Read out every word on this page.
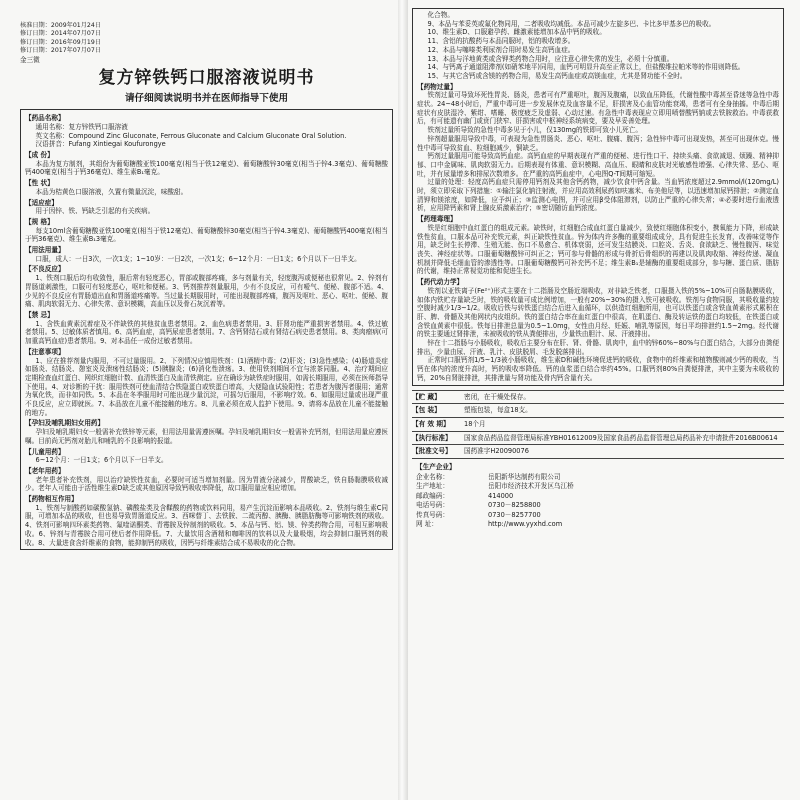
核准日期：2009年01月24日
修订日期：2014年07月07日
修订日期：2016年09月19日
修订日期：2017年07月07日
金三微
复方锌铁钙口服溶液说明书
请仔细阅读说明书并在医师指导下使用
【药品名称】
通用名称：复方锌铁钙口服溶液
英文名称：Compound Zinc Gluconate, Ferrous Gluconate and Calcium Gluconate Oral Solution.
汉语拼音：Fufang Xintiegai Koufurongye
【成 份】
本品为复方制剂，其组份为葡萄糖酸亚铁100毫克(相当于铁12毫克)、葡萄糖酸锌30毫克(相当于锌4.3毫克)、葡萄糖酸钙400毫克(相当于钙36毫克)、维生素B₁毫克。
【性 状】
本品为桔黄色口服溶液，久置有微量沉淀，味酸甜。
【适应症】
用于因锌、铁、钙缺乏引起的有关疾病。
【规 格】
每支10ml含葡萄糖酸亚铁100毫克(相当于铁12毫克)、葡萄糖酸锌30毫克(相当于锌4.3毫克)、葡萄糖酸钙400毫克(相当于钙36毫克)、维生素B₁3毫克。
【用法用量】
口服，成人：一日3次，一次1支；1~10岁：一日2次，一次1支；6~12个月：一日1支；6个月以下一日半支。
【不良反应】
1、铁剂口服后均有收敛性，服后常有轻度恶心，胃部或腹部疼痛，多与剂量有关，轻度腹泻或便秘也很常见。2、锌剂有胃肠道刺激性，口服可有轻度恶心，呕吐和便秘。3、钙剂推荐剂量服用，少有不良反应，可有嗳气、便秘、腹部不适。4、少见的不良反应有胃肠道出血和胃肠道疼痛等。当过量长期服用时，可能出现腹部疼痛，腹泻及呕吐、恶心、呕吐、便秘、腹痛、肌肉软弱无力、心律失常、意识模糊，高血压以及骨石灰沉着等。
【禁 忌】
1、含铁血黄素沉着症及不伴缺铁的其他贫血患者禁用。2、血色病患者禁用。3、肝肾功能严重损害者禁用。4、铁过敏者禁用。5、过敏体质者慎用。6、高钙血症，高钙尿症患者禁用。7、含钙肾结石或有肾结石病史患者禁用。8、类肉瘤病(可加重高钙血症)患者禁用。9、对本品任一成份过敏者禁用。
【注意事项】
1、应在推荐剂量内服用，不可过量服用。2、下列情况应慎用铁剂：(1)酒精中毒；(2)肝炎；(3)急性感染；(4)肠道炎症如肠炎、结肠炎、憩室炎及溃疡性结肠炎；(5)胰腺炎；(6)消化性溃疡。3、使用铁剂期间不宜与浓茶同服。4、治疗期间应定期检查血红蛋白、网织红细胞计数、血清铁蛋白及血清铁测定。应在确诊为缺铁症时服用，如需长期服用，必须在医师指导下使用。4、对诊断的干扰：服用铁剂可使血清结合铁隐蛋白或铁蛋白增高，大便隐血试验阳性；若患者为腹泻者服用；通常为氧化铁，而非如同铁。5、本品在冬季服用时可能出现少量沉淀，可摇匀后服用，不影响疗效。6、如服用过量或出现严重不良反应，应立即就医。7、本品放在儿童不能接触的地方。8、儿童必须在成人监护下使用。9、请将本品放在儿童不能接触的地方。
【孕妇及哺乳期妇女用药】
孕妇及哺乳期妇女一般需补充铁锌等元素，但用法用量需遵医嘱。孕妇及哺乳期妇女一般需补充钙剂，但用法用量应遵医嘱。目前尚无钙剂对胎儿和哺乳的不良影响的报道。
【儿童用药】
6~12个月：一日1支；6个月以下一日半支。
【老年用药】
老年患者补充铁剂，用以治疗缺铁性贫血，必要时可适当增加剂量。因为胃液分泌减少，胃酸缺乏，铁自肠黏膜吸收减少。老年人可能由于活性维生素D缺乏或其他原因导致钙吸收率降低，故口服用量应相应增加。
【药物相互作用】
1、铁剂与制酸药如碳酸氢钠、磷酸盐类及含鞣酸的药物或饮料同用，易产生沉淀而影响本品吸收。2、铁剂与维生素C同服，可增加本品的吸收，但也易导致胃肠道反应。3、西咪替丁、去铁胺、二巯丙醇、胰酶、胰脂肪酶等可影响铁剂的吸收。4、铁剂可影响四环素类药物、氟喹诺酮类、青霉胺及锌制剂的吸收。5、本品与钙、铝、镁、锌类药物合用，可相互影响吸收。6、锌剂与青霉胺合用可使后者作用降低。7、大量饮用含酒精和咖啡因的饮料以及大量吸烟，均会抑制口服钙剂的吸收。8、大量进食含纤维素的食物，能抑制钙的吸收，因钙与纤维素结合成不易吸收的化合物。
化合物。
9、本品与苯妥英或氟化物同用，二者吸收均减低。本品可减少左旋多巴、卡比多甲基多巴的吸收。
10、维生素D、口服避孕药、雌激素能增加本品中钙的吸收。
11、含铝的抗酸药与本品同服时，铝的吸收增多。
12、本品与噻嗪类利尿剂合用时易发生高钙血症。
13、本品与洋地黄类或含钾类药物合用时，应注意心律失常的发生，必须十分慎重。
14、与钙离子通道阻滞剂(如硝苯地平)同用，血钙可明显升高至正常以上，但盐酸维拉帕米等的作用则降低。
15、与其它含钙或含镁的药物合用，易发生高钙血症或高镁血症，尤其是肾功能不全时。
【药物过量】
铁剂过量可导致坏死性胃炎、肠炎，患者可有严重呕吐，腹泻及腹痛，以致血压降低，代谢性酸中毒甚至昏迷等急性中毒症状。24~48小时后，严重中毒可进一步发展休克及血容量不足，肝损害及心血管功能衰竭，患者可有全身抽搐。中毒后期症状有皮肤湿冷、紫绀、嗜睡、极度疲乏及虚弱、心动过速。有急性中毒表现应立即用喷替酸钙钠或去铁胺救治。中毒获救后，有可能遗有幽门或贲门狭窄、肝损害或中枢神经系统病变，要及早妥善处理。
铁剂过量所导致的急性中毒多见于小儿，仅130mg的铁即可致小儿死亡。
锌剂超量服用导致中毒，可表现为急性胃肠炎、恶心、呕吐、腹痛、腹泻；急性锌中毒可出现发热，甚至可出现休克。慢性中毒可导致贫血、粒细胞减少，铜缺乏。
钙剂过量服用可能导致高钙血症。高钙血症的早期表现有严重的便秘、进行性口干、持续头痛、食欲减退、烦躁、精神抑郁、口中金属味、肌肉软弱无力。后期表现有体重、意识模糊、高血压、眼睛和皮肤对光敏感性增强、心律失常、恶心、呕吐，并有尿量增多和排尿次数增多。在严重的高钙血症中，心电图Q-T间期可缩短。
过量的处理：轻度高钙血症只需停用钙剂及其他含钙药物，减少饮食中钙含量。当血钙浓度超过2.9mmol/l(120mg/L)时，须立即采取下列措施：①输注氯化钠注射液，并应用高效利尿药如呋塞米、布美他尼等，以迅速增加尿钙排泄；②测定血清钾和镁浓度，如降低，应予纠正；③监测心电图，并可应用β受体阻滞剂，以防止严重的心律失常；④必要时进行血液透析，应用降钙素和肾上腺皮质激素治疗；⑤密切随访血钙浓度。
【药理毒理】
铁是红细胞中血红蛋白的组成元素。缺铁时，红细胞合成血红蛋白量减少，致使红细胞体积变小，携氧能力下降，形成缺铁性贫血，口服本品可补充铁元素，纠正缺铁性贫血。锌为体内许多酶的重要组成成分，具有促进生长发育，改善味觉等作用，缺乏时生长停滞、生殖无能、伤口不易愈合、机体衰弱，还可发生结膜炎、口腔炎、舌炎、食欲缺乏、慢性腹泻、味觉丧失、神经症状等。口服葡萄糖酸锌可纠正之；钙可参与骨骼的形成与骨折后骨组织的再建以及肌肉收缩、神经传递、凝血机制并降低毛细血管的渗透性等。口服葡萄糖酸钙可补充钙不足；维生素B₁是辅酶的重要组成部分，参与糖、蛋白质、脂肪的代谢，维持正常视觉功能和促进生长。
【药代动力学】
铁剂以亚铁离子(Fe²⁺)形式主要在十二指肠及空肠近端吸收，对非缺乏铁者，口服摄入铁的5%~10%可自肠黏膜吸收，如体内铁贮存量缺乏时，铁的吸收量可成比例增加，一般有20%~30%的摄入铁可被吸收。铁剂与食物同服，其吸收量约较空腹时减少1/3~1/2。吸收后铁与转铁蛋白结合后进入血循环，以供造红细胞所用，也可以铁蛋白或含铁血黄素形式累积在肝、脾、骨髓及其他网状内皮组织。铁的蛋白结合率在血红蛋白中很高，在肌蛋白、酶及转运铁的蛋白均较低，在铁蛋白或含铁血黄素中很低。铁每日排泄总量为0.5~1.0mg，女性由月经、妊娠、哺乳等原因，每日平均排泄约1.5~2mg。经代谢的铁主要通过肾排泄，未被吸收的铁从粪便排出，少量铁由胆汁、尿、汗液排出。
锌在十二指肠与小肠吸收，吸收后主要分布在肝、肾、骨骼、肌肉中，血中的锌60%~80%与白蛋白结合，大部分由粪便排出，少量由尿、汗液、乳汁、皮肤脱屑、毛发脱落排出。
正常时口服钙剂1/5~1/3被小肠吸收，维生素D和碱性环境促进钙的吸收，食物中的纤维素和植物酸则减少钙的吸收，当钙在体内的浓度升高时，钙的吸收率降低。钙的血浆蛋白结合率约45%。口服钙剂80%自粪便排泄，其中主要为未吸收的钙，20%自肾脏排泄，其排泄量与肾功能及骨内钙含量有关。
【贮 藏】	密闭，在干燥处保存。
【包 装】	塑瓶包装，每盒18支。
【有 效 期】	18个月
【执行标准】	国家食品药品监督管理局标准YBH01612009及国家食品药品监督管理总局药品补充申请批件2016B00614
【批准文号】	国药准字H20090076
【生产企业】
企业名称：	岳阳新华达制药有限公司
生产地址：	岳阳市经济技术开发区乌江桥
邮政编码：	414000
电话号码：	0730－8258800
传真号码：	0730－8257700
网 址：	http://www.yyxhd.com
